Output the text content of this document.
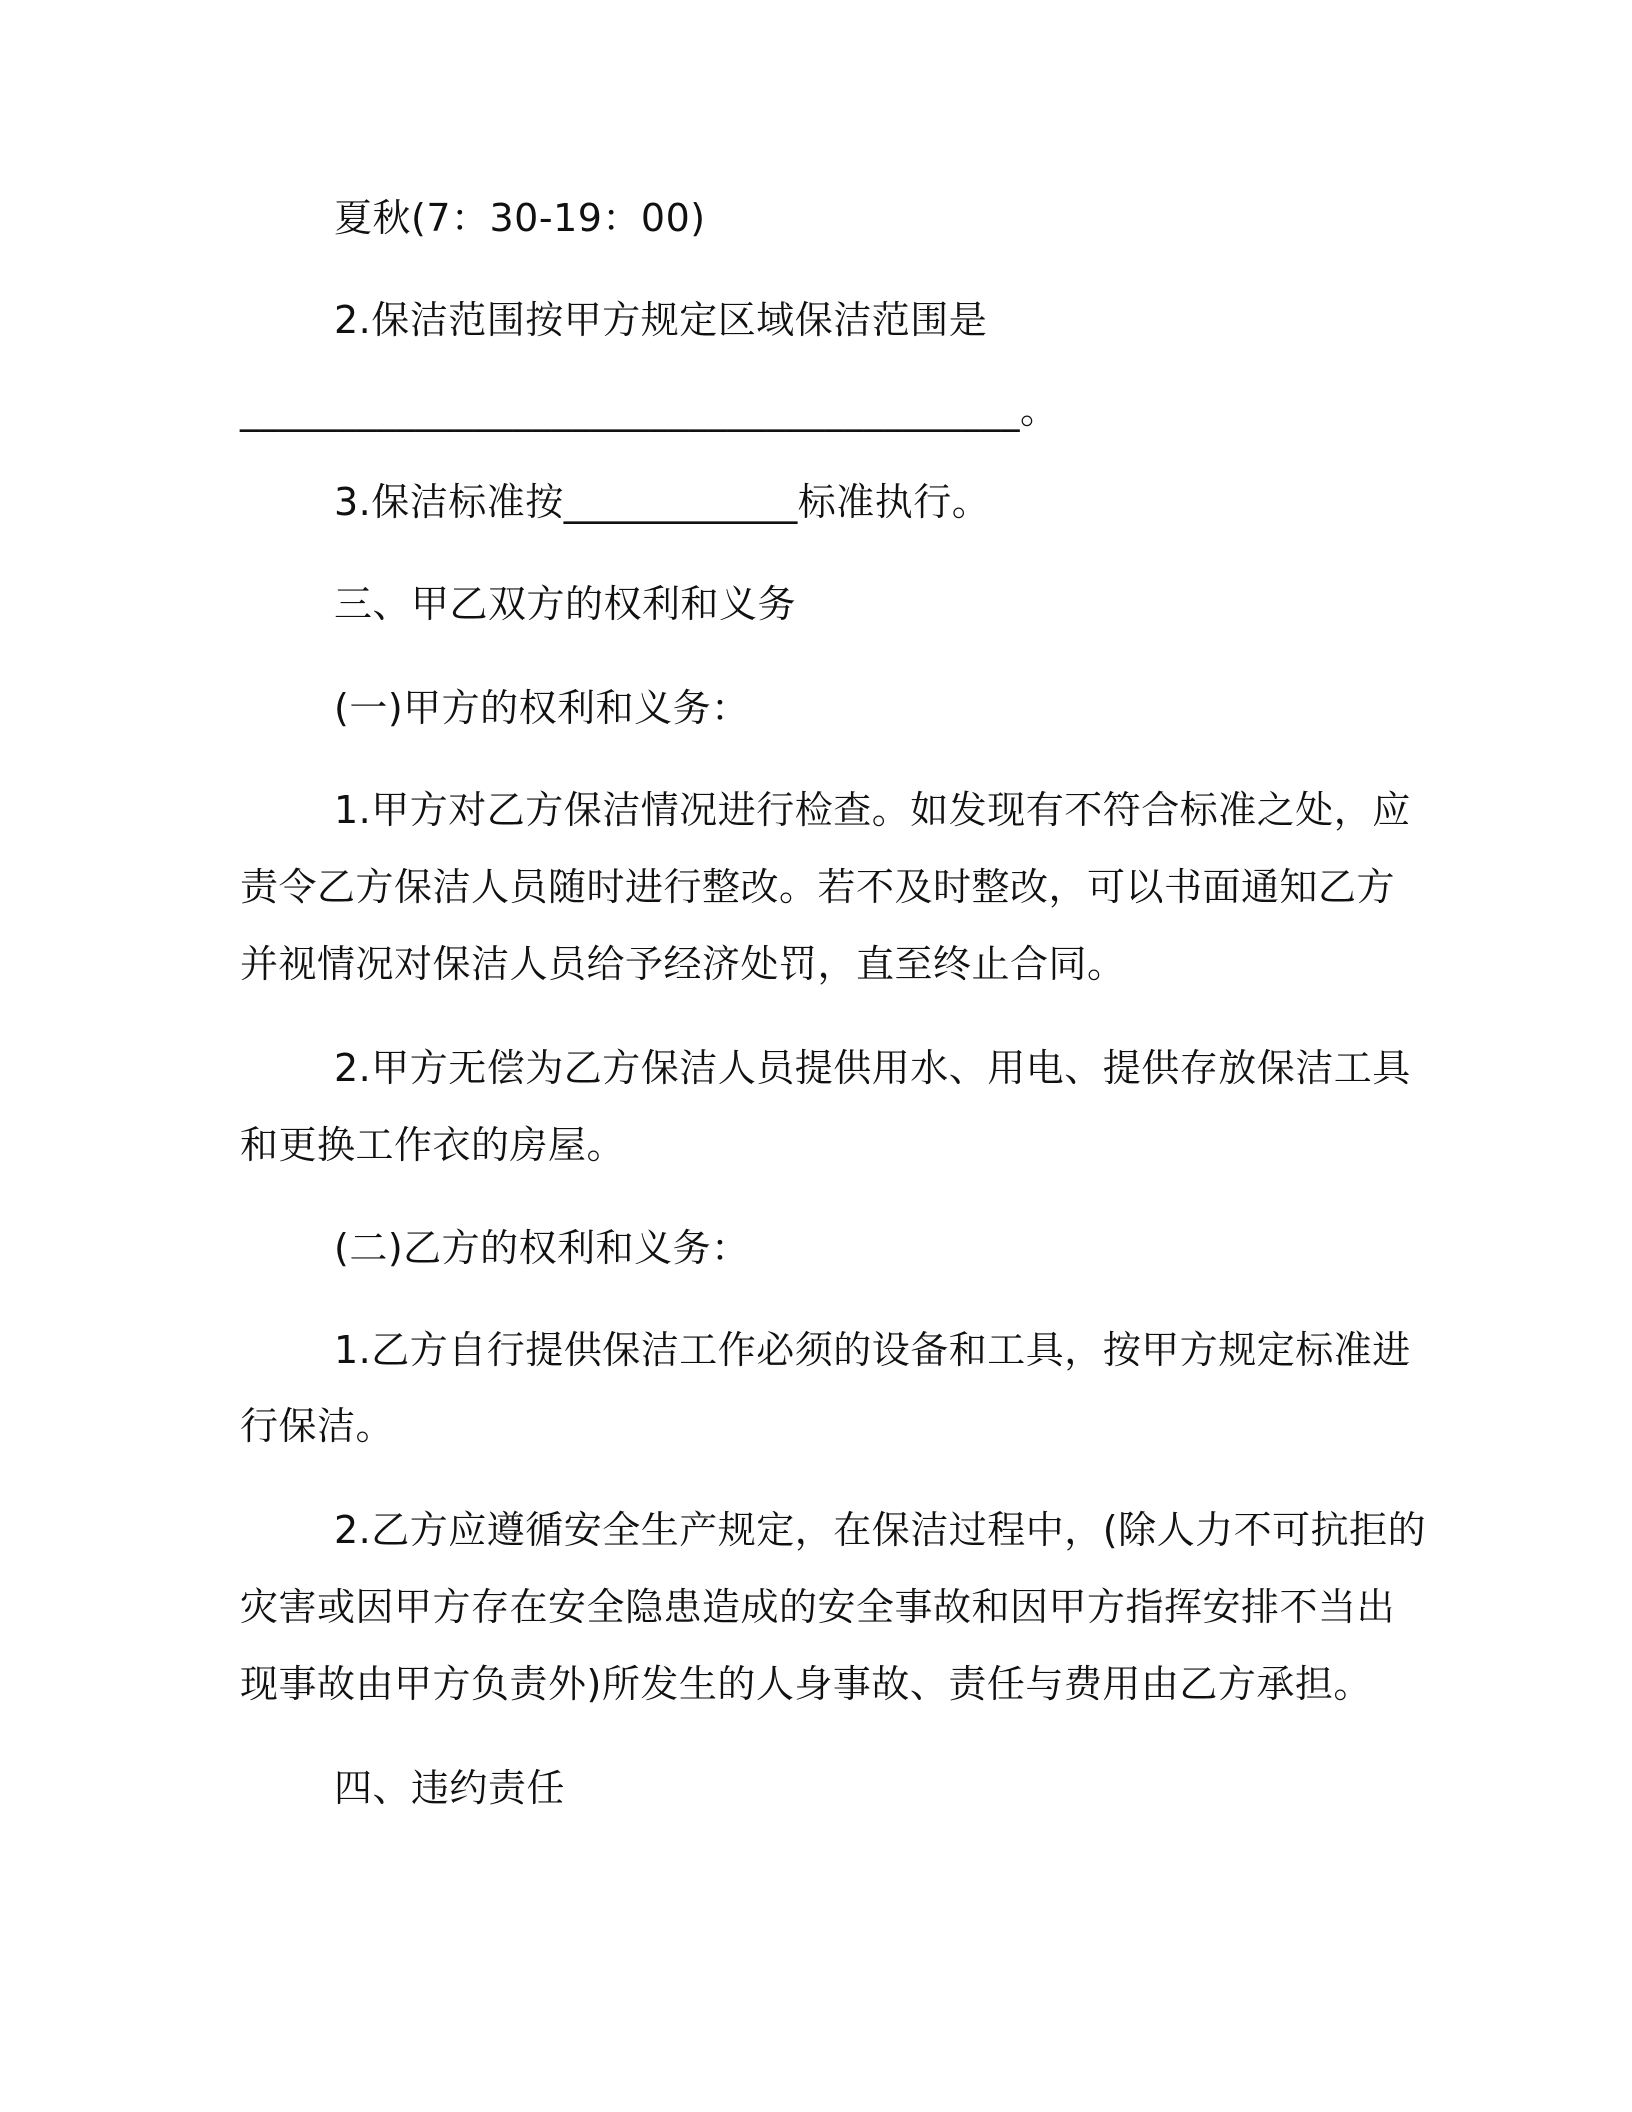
夏秋(7：30-19：00)
2.保洁范围按甲方规定区域保洁范围是
________________________________________。
3.保洁标准按____________标准执行。
三、甲乙双方的权利和义务
(一)甲方的权利和义务：
1.甲方对乙方保洁情况进行检查。如发现有不符合标准之处，应
责令乙方保洁人员随时进行整改。若不及时整改，可以书面通知乙方
并视情况对保洁人员给予经济处罚，直至终止合同。
2.甲方无偿为乙方保洁人员提供用水、用电、提供存放保洁工具
和更换工作衣的房屋。
(二)乙方的权利和义务：
1.乙方自行提供保洁工作必须的设备和工具，按甲方规定标准进
行保洁。
2.乙方应遵循安全生产规定，在保洁过程中，(除人力不可抗拒的
灾害或因甲方存在安全隐患造成的安全事故和因甲方指挥安排不当出
现事故由甲方负责外)所发生的人身事故、责任与费用由乙方承担。
四、违约责任
